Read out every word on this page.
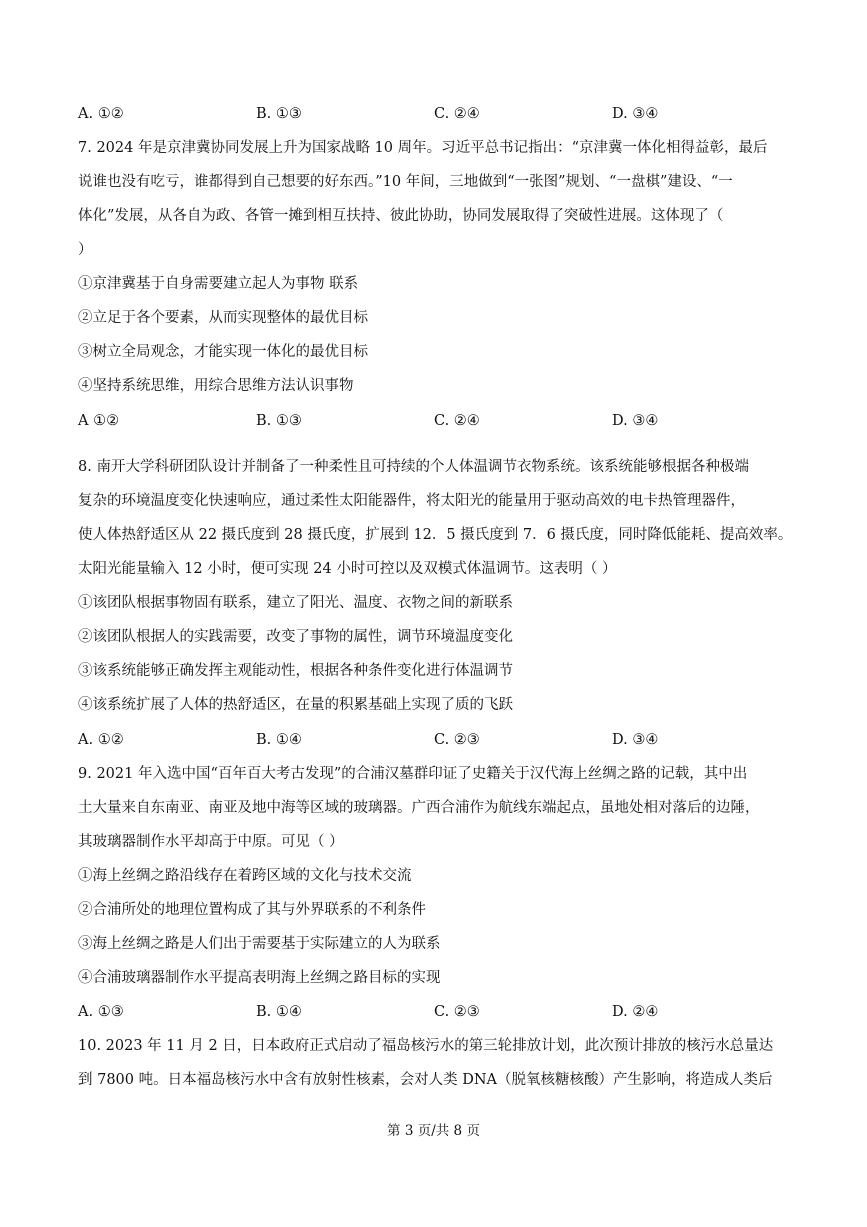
A. ①②	B. ①③	C. ②④	D. ③④
7. 2024 年是京津冀协同发展上升为国家战略 10 周年。习近平总书记指出：“京津冀一体化相得益彰，最后
说谁也没有吃亏，谁都得到自己想要的好东西。”10 年间，三地做到“一张图”规划、“一盘棋”建设、“一
体化”发展，从各自为政、各管一摊到相互扶持、彼此协助，协同发展取得了突破性进展。这体现了（
）
①京津冀基于自身需要建立起人为事物 联系
②立足于各个要素，从而实现整体的最优目标
③树立全局观念，才能实现一体化的最优目标
④坚持系统思维，用综合思维方法认识事物
A ①②	B. ①③	C. ②④	D. ③④
8. 南开大学科研团队设计并制备了一种柔性且可持续的个人体温调节衣物系统。该系统能够根据各种极端
复杂的环境温度变化快速响应，通过柔性太阳能器件，将太阳光的能量用于驱动高效的电卡热管理器件，
使人体热舒适区从 22 摄氏度到 28 摄氏度，扩展到 12．5 摄氏度到 7．6 摄氏度，同时降低能耗、提高效率。
太阳光能量输入 12 小时，便可实现 24 小时可控以及双模式体温调节。这表明（ ）
①该团队根据事物固有联系，建立了阳光、温度、衣物之间的新联系
②该团队根据人的实践需要，改变了事物的属性，调节环境温度变化
③该系统能够正确发挥主观能动性，根据各种条件变化进行体温调节
④该系统扩展了人体的热舒适区，在量的积累基础上实现了质的飞跃
A. ①②	B. ①④	C. ②③	D. ③④
9. 2021 年入选中国“百年百大考古发现”的合浦汉墓群印证了史籍关于汉代海上丝绸之路的记载，其中出
土大量来自东南亚、南亚及地中海等区域的玻璃器。广西合浦作为航线东端起点，虽地处相对落后的边陲，
其玻璃器制作水平却高于中原。可见（ ）
①海上丝绸之路沿线存在着跨区域的文化与技术交流
②合浦所处的地理位置构成了其与外界联系的不利条件
③海上丝绸之路是人们出于需要基于实际建立的人为联系
④合浦玻璃器制作水平提高表明海上丝绸之路目标的实现
A. ①③	B. ①④	C. ②③	D. ②④
10. 2023 年 11 月 2 日，日本政府正式启动了福岛核污水的第三轮排放计划，此次预计排放的核污水总量达
到 7800 吨。日本福岛核污水中含有放射性核素，会对人类 DNA（脱氧核糖核酸）产生影响，将造成人类后
第 3 页/共 8 页
